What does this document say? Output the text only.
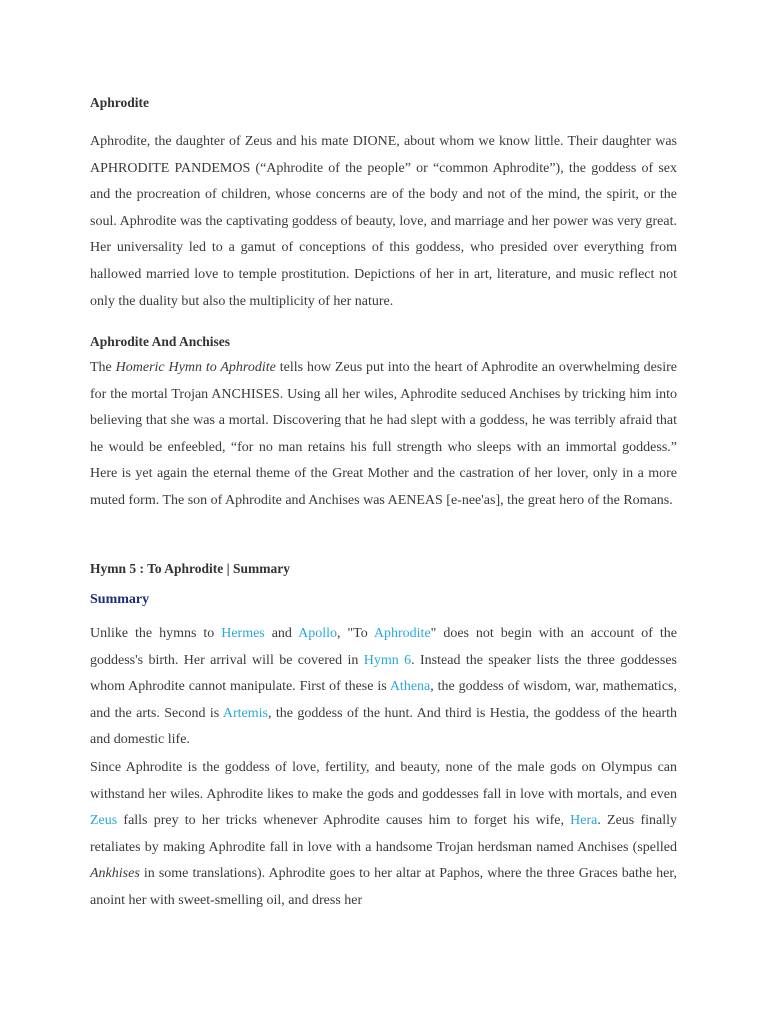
Aphrodite

Aphrodite, the daughter of Zeus and his mate DIONE, about whom we know little. Their daughter was APHRODITE PANDEMOS (“Aphrodite of the people” or “common Aphrodite”), the goddess of sex and the procreation of children, whose concerns are of the body and not of the mind, the spirit, or the soul. Aphrodite was the captivating goddess of beauty, love, and marriage and her power was very great. Her universality led to a gamut of conceptions of this goddess, who presided over everything from hallowed married love to temple prostitution. Depictions of her in art, literature, and music reflect not only the duality but also the multiplicity of her nature.

Aphrodite And Anchises

The Homeric Hymn to Aphrodite tells how Zeus put into the heart of Aphrodite an overwhelming desire for the mortal Trojan ANCHISES. Using all her wiles, Aphrodite seduced Anchises by tricking him into believing that she was a mortal. Discovering that he had slept with a goddess, he was terribly afraid that he would be enfeebled, “for no man retains his full strength who sleeps with an immortal goddess.” Here is yet again the eternal theme of the Great Mother and the castration of her lover, only in a more muted form. The son of Aphrodite and Anchises was AENEAS [e-nee'as], the great hero of the Romans.

Hymn 5 : To Aphrodite | Summary
Summary

Unlike the hymns to Hermes and Apollo, "To Aphrodite" does not begin with an account of the goddess's birth. Her arrival will be covered in Hymn 6. Instead the speaker lists the three goddesses whom Aphrodite cannot manipulate. First of these is Athena, the goddess of wisdom, war, mathematics, and the arts. Second is Artemis, the goddess of the hunt. And third is Hestia, the goddess of the hearth and domestic life.

Since Aphrodite is the goddess of love, fertility, and beauty, none of the male gods on Olympus can withstand her wiles. Aphrodite likes to make the gods and goddesses fall in love with mortals, and even Zeus falls prey to her tricks whenever Aphrodite causes him to forget his wife, Hera. Zeus finally retaliates by making Aphrodite fall in love with a handsome Trojan herdsman named Anchises (spelled Ankhises in some translations). Aphrodite goes to her altar at Paphos, where the three Graces bathe her, anoint her with sweet-smelling oil, and dress her
